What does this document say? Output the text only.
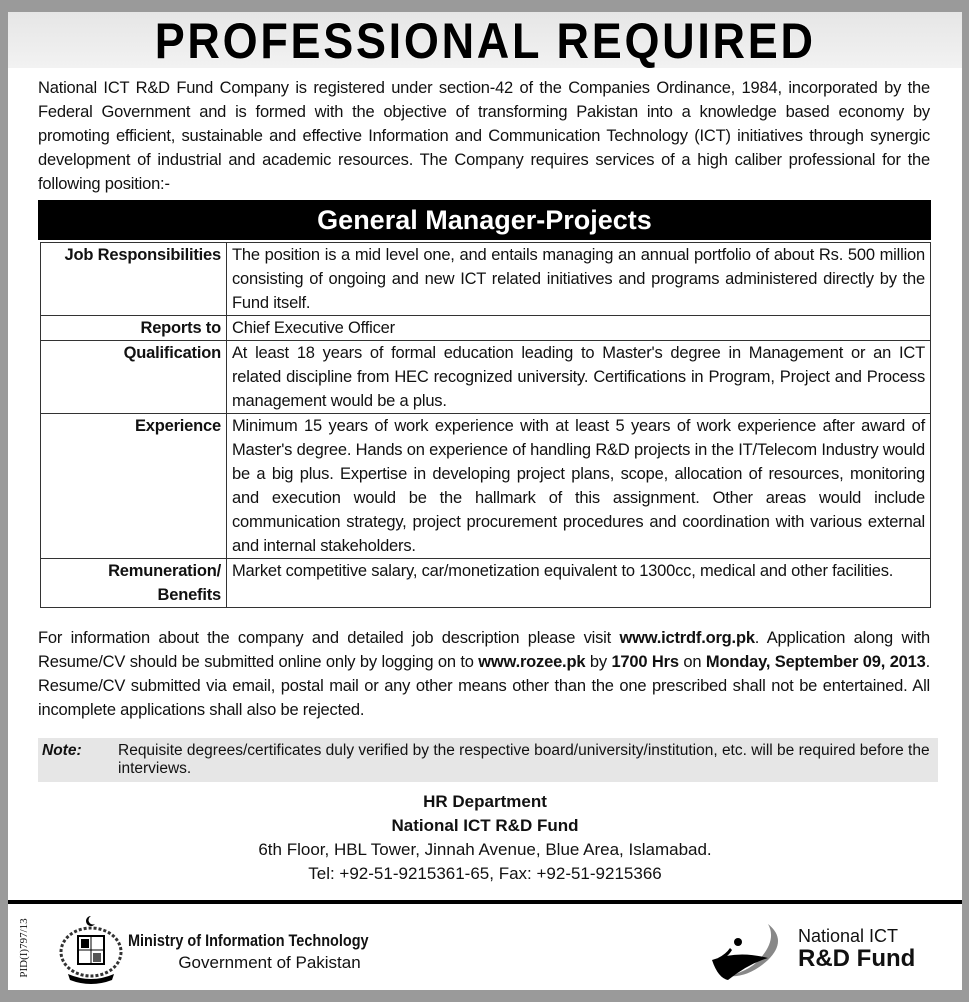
PROFESSIONAL REQUIRED
National ICT R&D Fund Company is registered under section-42 of the Companies Ordinance, 1984, incorporated by the Federal Government and is formed with the objective of transforming Pakistan into a knowledge based economy by promoting efficient, sustainable and effective Information and Communication Technology (ICT) initiatives through synergic development of industrial and academic resources. The Company requires services of a high caliber professional for the following position:-
General Manager-Projects
Job Responsibilities	The position is a mid level one, and entails managing an annual portfolio of about Rs. 500 million consisting of ongoing and new ICT related initiatives and programs administered directly by the Fund itself.
Reports to	Chief Executive Officer
Qualification	At least 18 years of formal education leading to Master's degree in Management or an ICT related discipline from HEC recognized university. Certifications in Program, Project and Process management would be a plus.
Experience	Minimum 15 years of work experience with at least 5 years of work experience after award of Master's degree. Hands on experience of handling R&D projects in the IT/Telecom Industry would be a big plus. Expertise in developing project plans, scope, allocation of resources, monitoring and execution would be the hallmark of this assignment. Other areas would include communication strategy, project procurement procedures and coordination with various external and internal stakeholders.
Remuneration/ Benefits	Market competitive salary, car/monetization equivalent to 1300cc, medical and other facilities.
For information about the company and detailed job description please visit www.ictrdf.org.pk. Application along with Resume/CV should be submitted online only by logging on to www.rozee.pk by 1700 Hrs on Monday, September 09, 2013. Resume/CV submitted via email, postal mail or any other means other than the one prescribed shall not be entertained. All incomplete applications shall also be rejected.
Note: Requisite degrees/certificates duly verified by the respective board/university/institution, etc. will be required before the interviews.
HR Department
National ICT R&D Fund
6th Floor, HBL Tower, Jinnah Avenue, Blue Area, Islamabad.
Tel: +92-51-9215361-65, Fax: +92-51-9215366
PID(I)797/13	Ministry of Information Technology
Government of Pakistan
National ICT
R&D Fund
